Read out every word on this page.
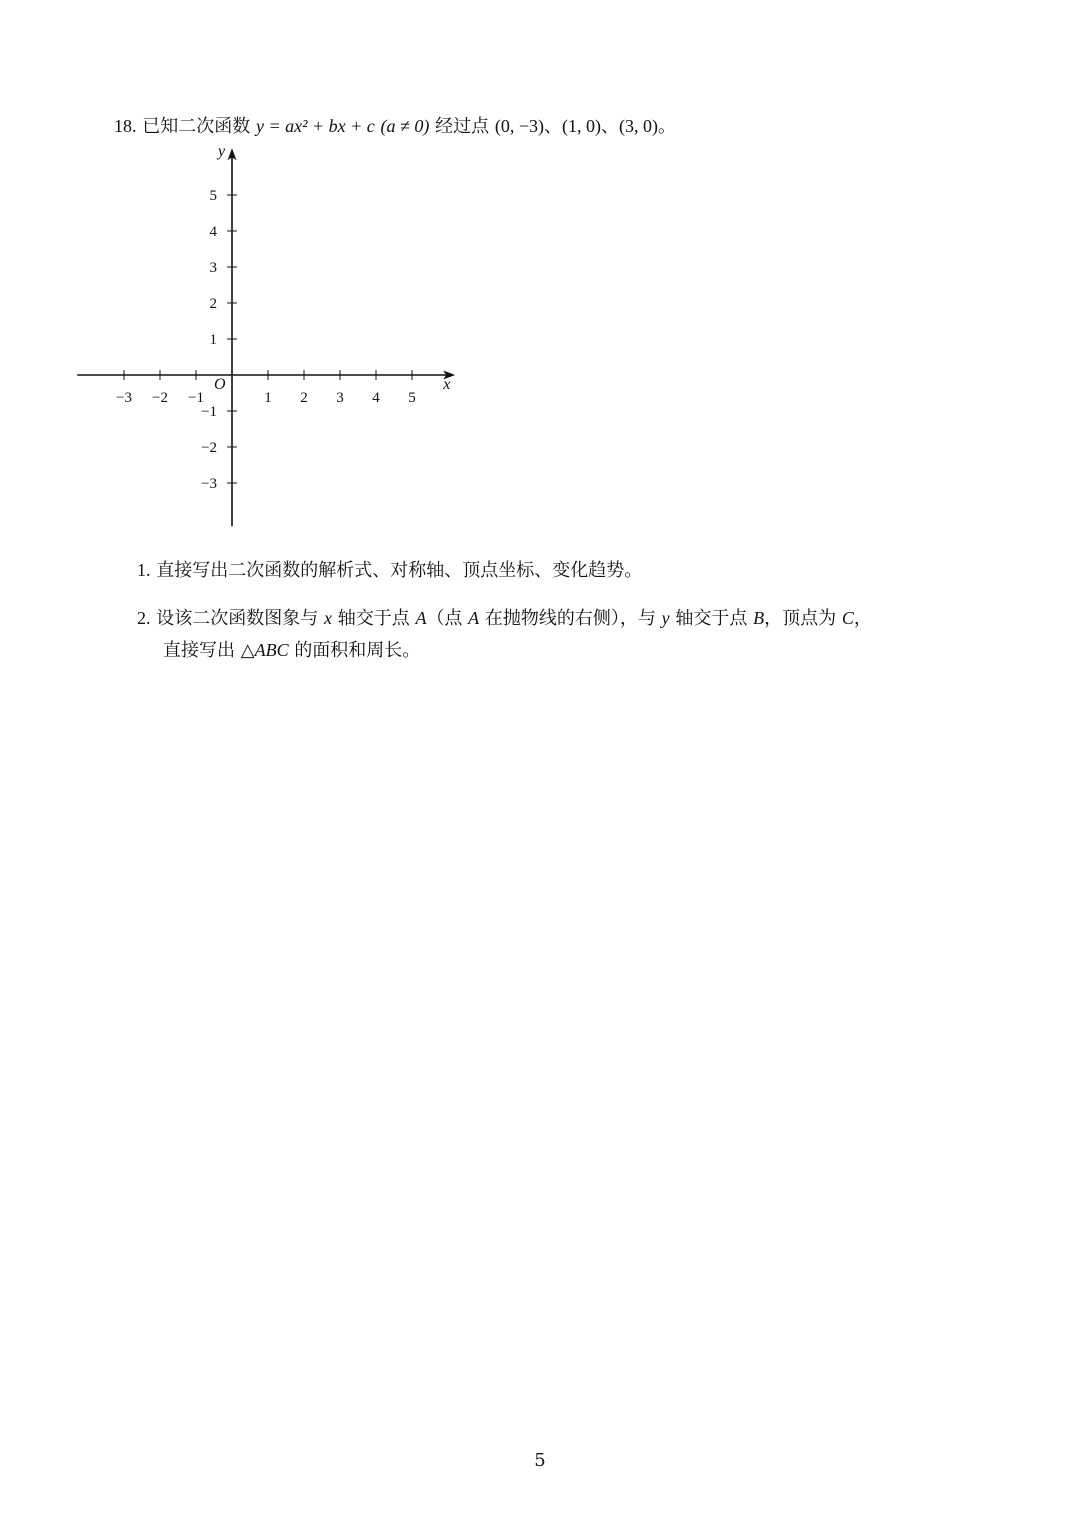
18. 已知二次函数 y = ax² + bx + c (a ≠ 0) 经过点 (0, −3)、(1, 0)、(3, 0)。
−3 −2 −1	1 2 3 4 5
5
4
3
2
1
−1
−2
−3
x
y
O
1. 直接写出二次函数的解析式、对称轴、顶点坐标、变化趋势。
2. 设该二次函数图象与 x 轴交于点 A（点 A 在抛物线的右侧），与 y 轴交于点 B，顶点为 C，
直接写出 △ABC 的面积和周长。
5
